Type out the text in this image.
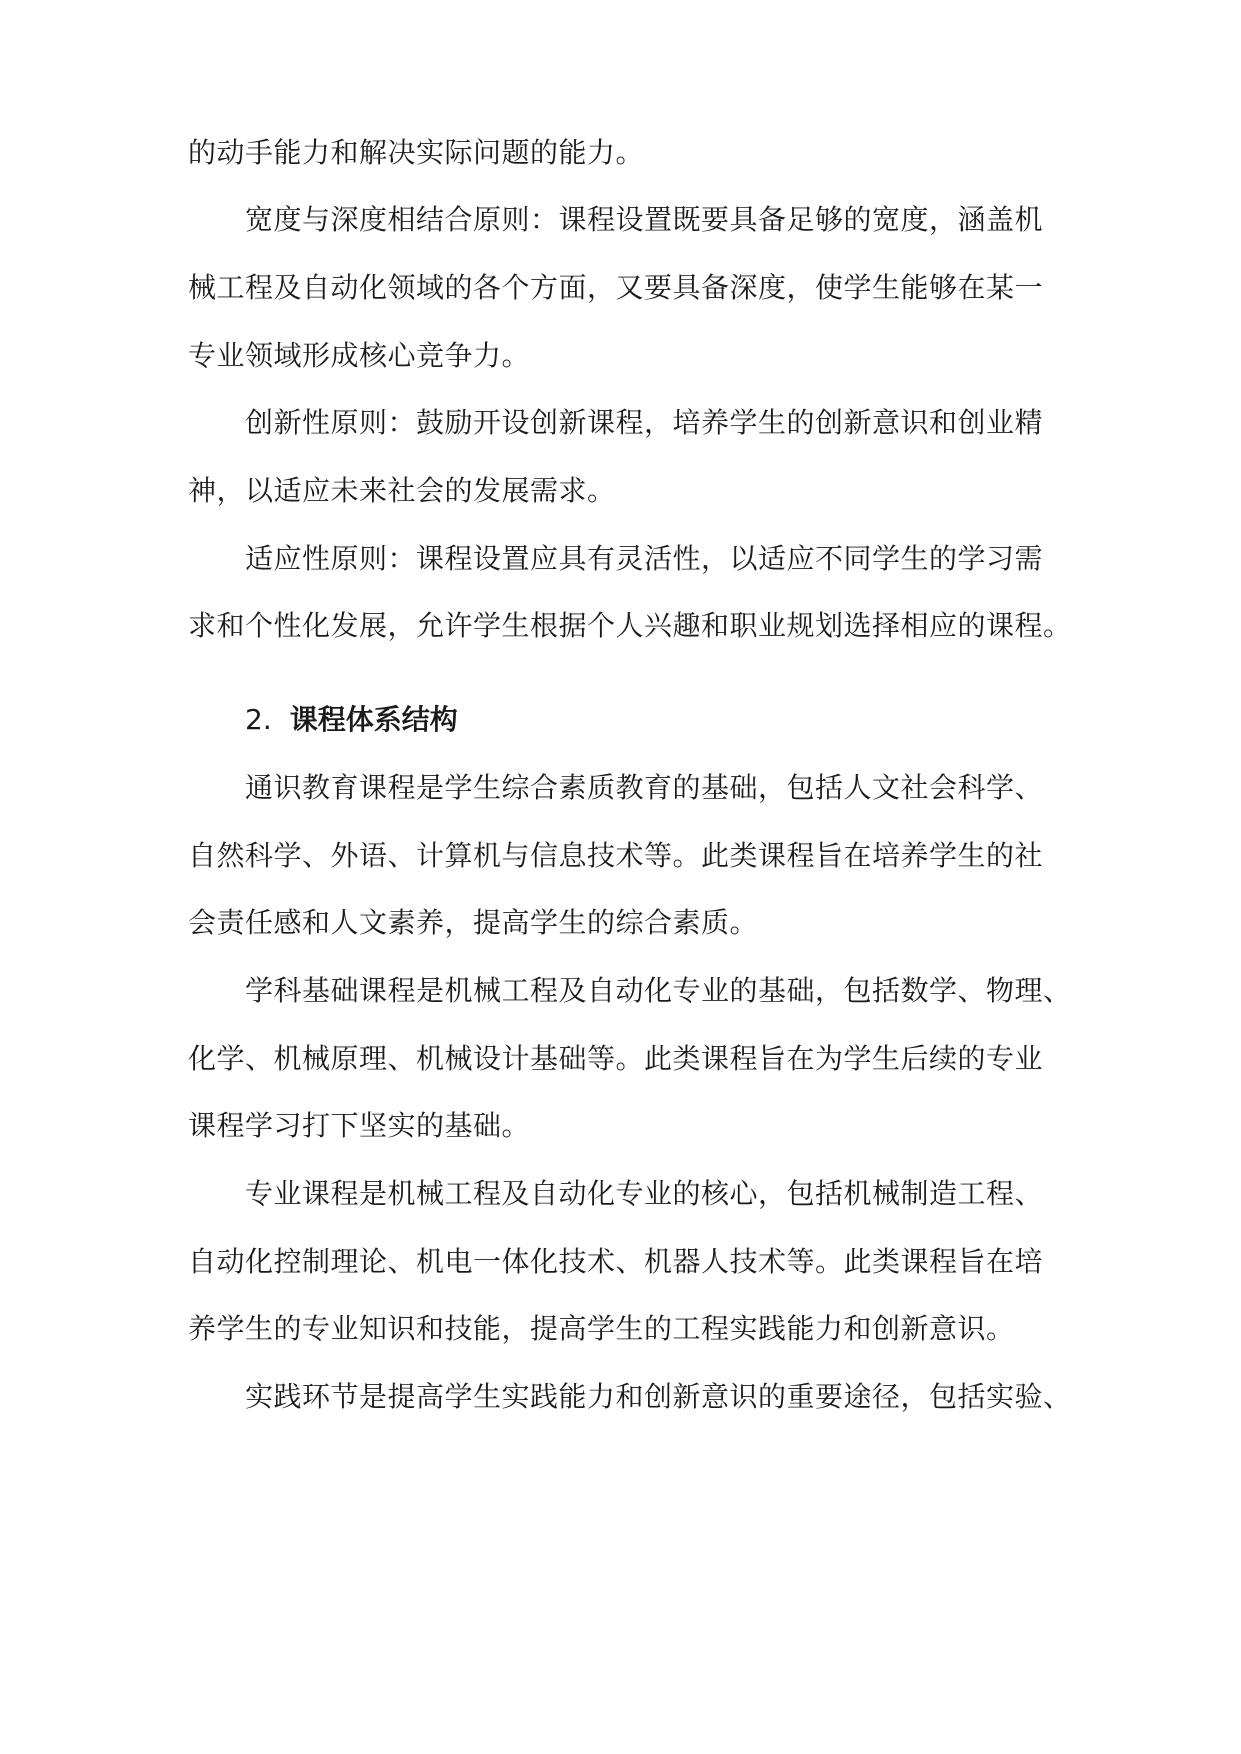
的动手能力和解决实际问题的能力。

宽度与深度相结合原则：课程设置既要具备足够的宽度，涵盖机

械工程及自动化领域的各个方面，又要具备深度，使学生能够在某一

专业领域形成核心竞争力。

创新性原则：鼓励开设创新课程，培养学生的创新意识和创业精

神，以适应未来社会的发展需求。

适应性原则：课程设置应具有灵活性，以适应不同学生的学习需

求和个性化发展，允许学生根据个人兴趣和职业规划选择相应的课程。

2. 课程体系结构

通识教育课程是学生综合素质教育的基础，包括人文社会科学、

自然科学、外语、计算机与信息技术等。此类课程旨在培养学生的社

会责任感和人文素养，提高学生的综合素质。

学科基础课程是机械工程及自动化专业的基础，包括数学、物理、

化学、机械原理、机械设计基础等。此类课程旨在为学生后续的专业

课程学习打下坚实的基础。

专业课程是机械工程及自动化专业的核心，包括机械制造工程、

自动化控制理论、机电一体化技术、机器人技术等。此类课程旨在培

养学生的专业知识和技能，提高学生的工程实践能力和创新意识。

实践环节是提高学生实践能力和创新意识的重要途径，包括实验、
